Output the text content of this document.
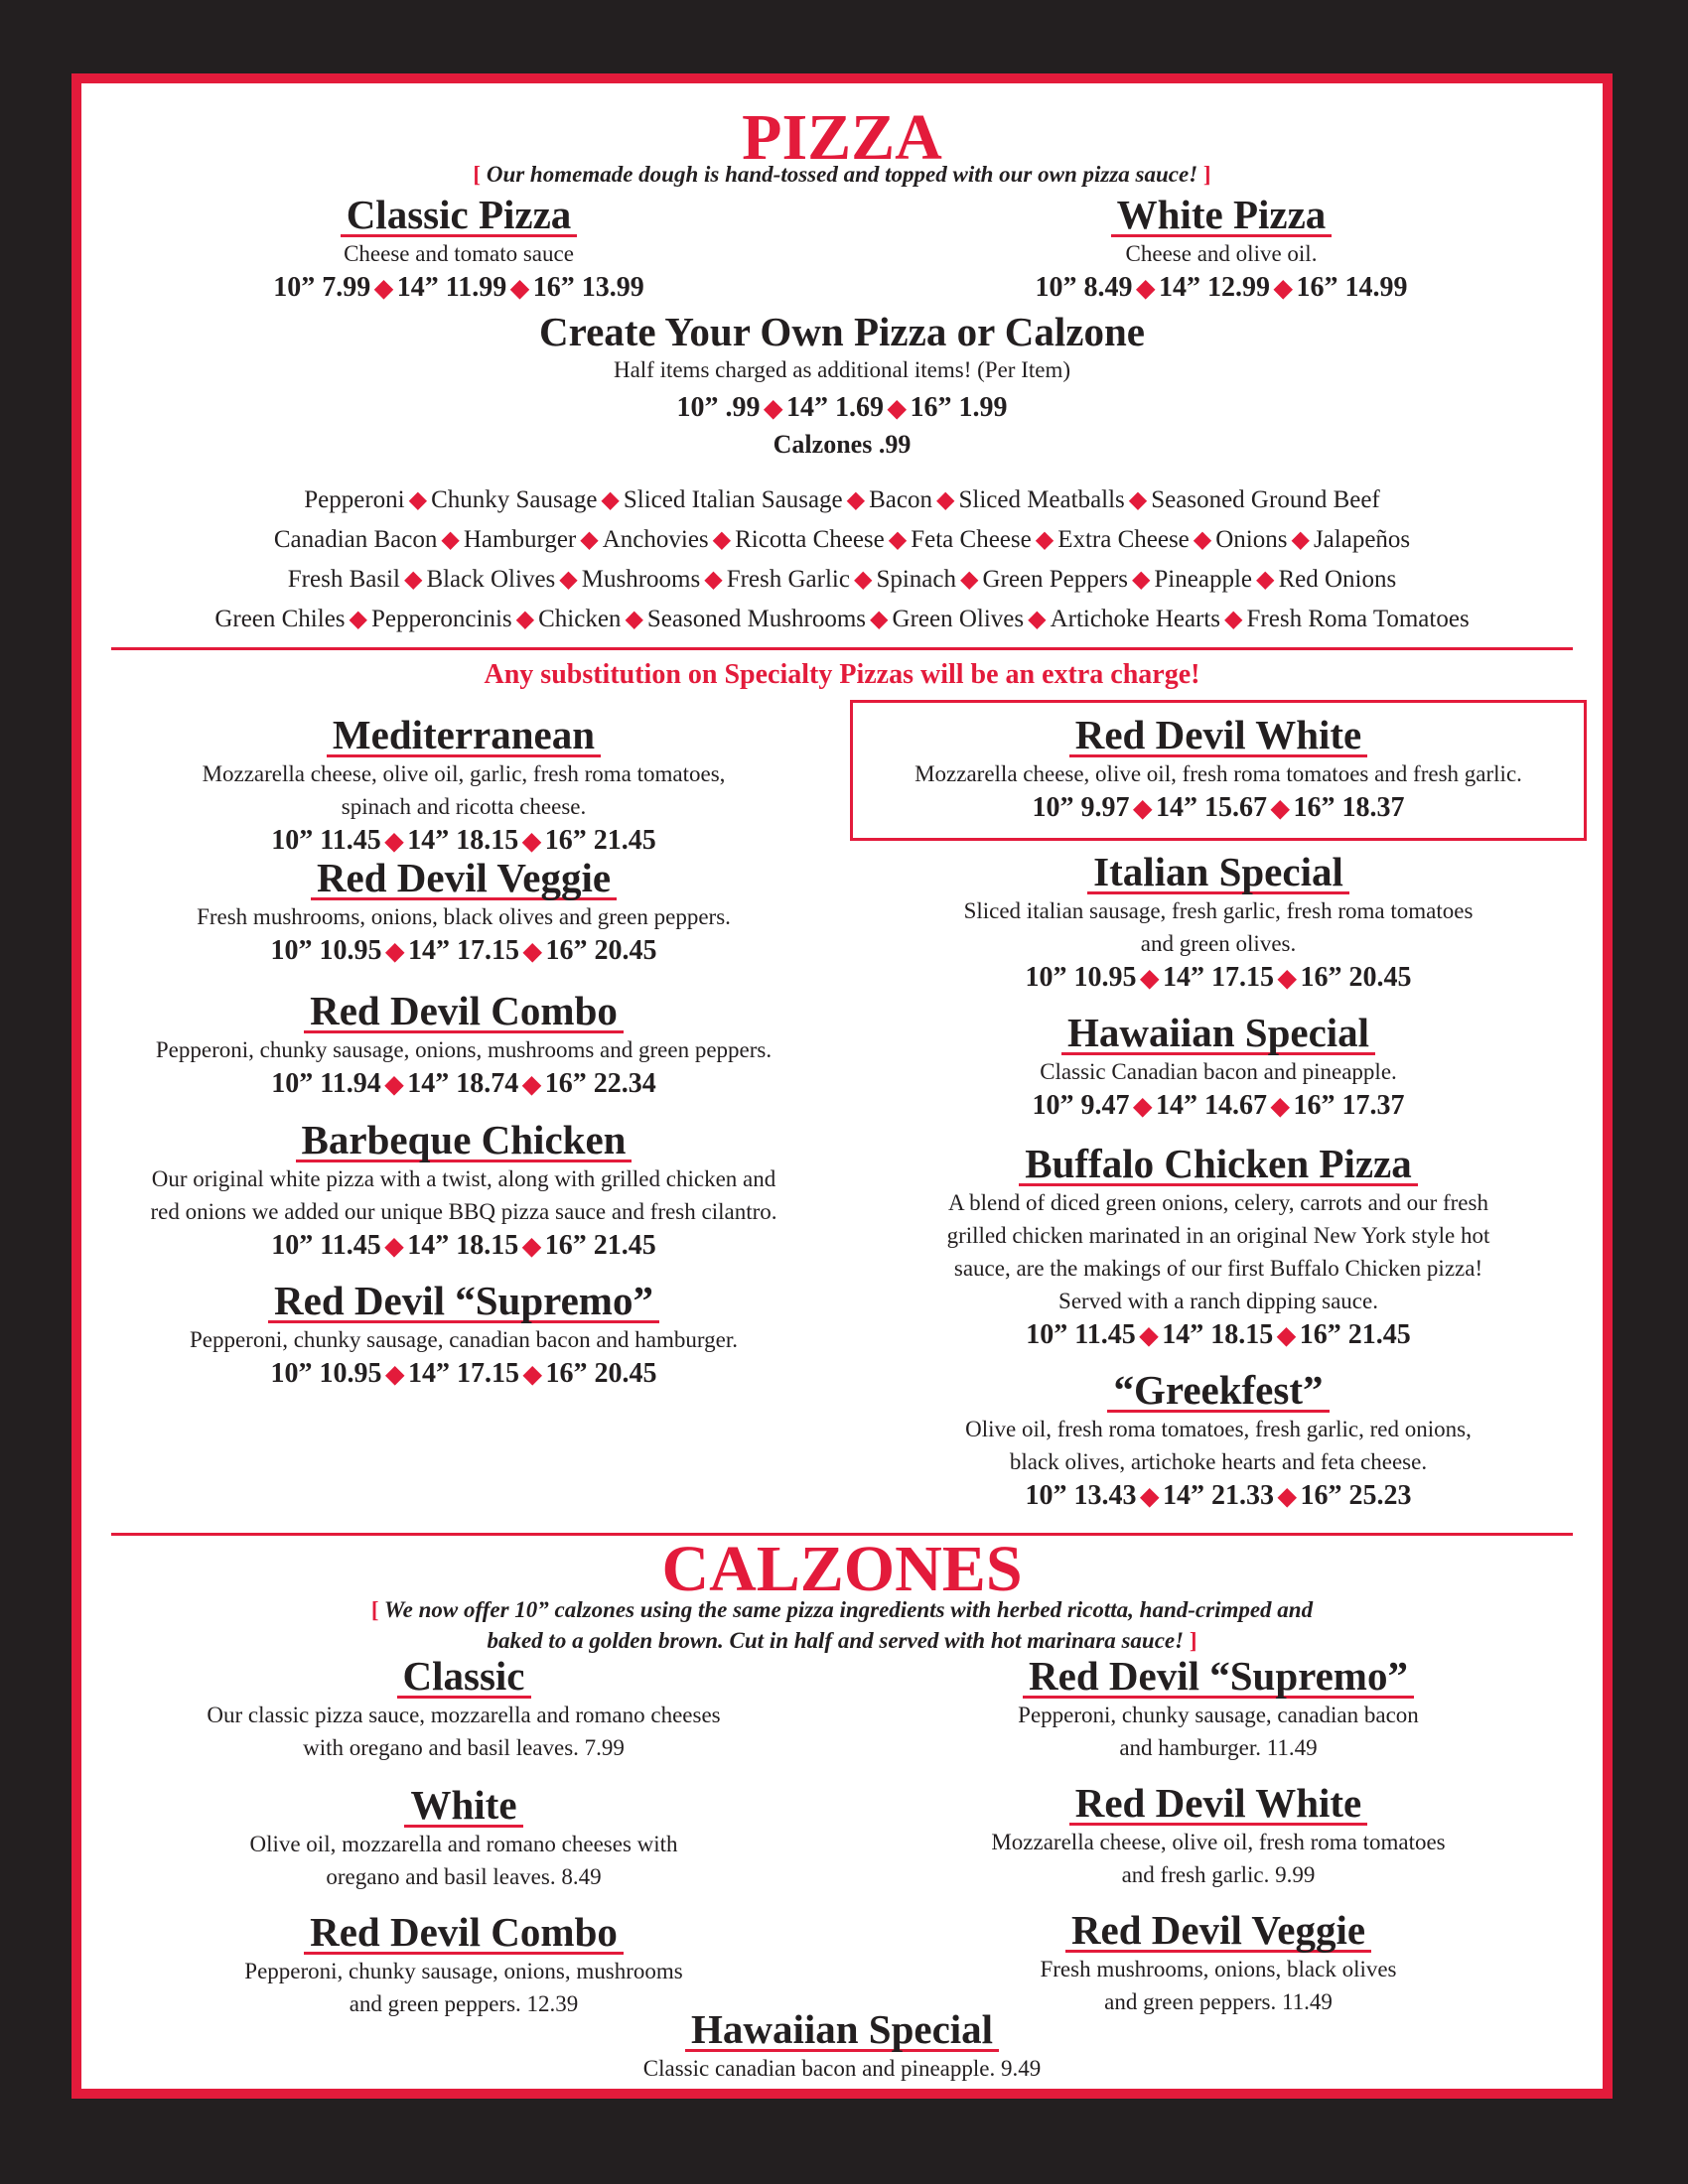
PIZZA
[ Our homemade dough is hand-tossed and topped with our own pizza sauce! ]
Classic Pizza
Cheese and tomato sauce
10” 7.99 ◆ 14” 11.99 ◆ 16” 13.99
White Pizza
Cheese and olive oil.
10” 8.49 ◆ 14” 12.99 ◆ 16” 14.99
Create Your Own Pizza or Calzone
Half items charged as additional items! (Per Item)
10” .99 ◆ 14” 1.69 ◆ 16” 1.99
Calzones .99
Pepperoni ◆ Chunky Sausage ◆ Sliced Italian Sausage ◆ Bacon ◆ Sliced Meatballs ◆ Seasoned Ground Beef
Canadian Bacon ◆ Hamburger ◆ Anchovies ◆ Ricotta Cheese ◆ Feta Cheese ◆ Extra Cheese ◆ Onions ◆ Jalapeños
Fresh Basil ◆ Black Olives ◆ Mushrooms ◆ Fresh Garlic ◆ Spinach ◆ Green Peppers ◆ Pineapple ◆ Red Onions
Green Chiles ◆ Pepperoncinis ◆ Chicken ◆ Seasoned Mushrooms ◆ Green Olives ◆ Artichoke Hearts ◆ Fresh Roma Tomatoes
Any substitution on Specialty Pizzas will be an extra charge!
Mediterranean
Mozzarella cheese, olive oil, garlic, fresh roma tomatoes,
spinach and ricotta cheese.
10” 11.45 ◆ 14” 18.15 ◆ 16” 21.45
Red Devil Veggie
Fresh mushrooms, onions, black olives and green peppers.
10” 10.95 ◆ 14” 17.15 ◆ 16” 20.45
Red Devil Combo
Pepperoni, chunky sausage, onions, mushrooms and green peppers.
10” 11.94 ◆ 14” 18.74 ◆ 16” 22.34
Barbeque Chicken
Our original white pizza with a twist, along with grilled chicken and
red onions we added our unique BBQ pizza sauce and fresh cilantro.
10” 11.45 ◆ 14” 18.15 ◆ 16” 21.45
Red Devil “Supremo”
Pepperoni, chunky sausage, canadian bacon and hamburger.
10” 10.95 ◆ 14” 17.15 ◆ 16” 20.45
Red Devil White
Mozzarella cheese, olive oil, fresh roma tomatoes and fresh garlic.
10” 9.97 ◆ 14” 15.67 ◆ 16” 18.37
Italian Special
Sliced italian sausage, fresh garlic, fresh roma tomatoes
and green olives.
10” 10.95 ◆ 14” 17.15 ◆ 16” 20.45
Hawaiian Special
Classic Canadian bacon and pineapple.
10” 9.47 ◆ 14” 14.67 ◆ 16” 17.37
Buffalo Chicken Pizza
A blend of diced green onions, celery, carrots and our fresh
grilled chicken marinated in an original New York style hot
sauce, are the makings of our first Buffalo Chicken pizza!
Served with a ranch dipping sauce.
10” 11.45 ◆ 14” 18.15 ◆ 16” 21.45
“Greekfest”
Olive oil, fresh roma tomatoes, fresh garlic, red onions,
black olives, artichoke hearts and feta cheese.
10” 13.43 ◆ 14” 21.33 ◆ 16” 25.23
CALZONES
[ We now offer 10” calzones using the same pizza ingredients with herbed ricotta, hand-crimped and
baked to a golden brown. Cut in half and served with hot marinara sauce! ]
Classic
Our classic pizza sauce, mozzarella and romano cheeses
with oregano and basil leaves. 7.99
Red Devil “Supremo”
Pepperoni, chunky sausage, canadian bacon
and hamburger. 11.49
White
Olive oil, mozzarella and romano cheeses with
oregano and basil leaves. 8.49
Red Devil White
Mozzarella cheese, olive oil, fresh roma tomatoes
and fresh garlic. 9.99
Red Devil Combo
Pepperoni, chunky sausage, onions, mushrooms
and green peppers. 12.39
Red Devil Veggie
Fresh mushrooms, onions, black olives
and green peppers. 11.49
Hawaiian Special
Classic canadian bacon and pineapple. 9.49
